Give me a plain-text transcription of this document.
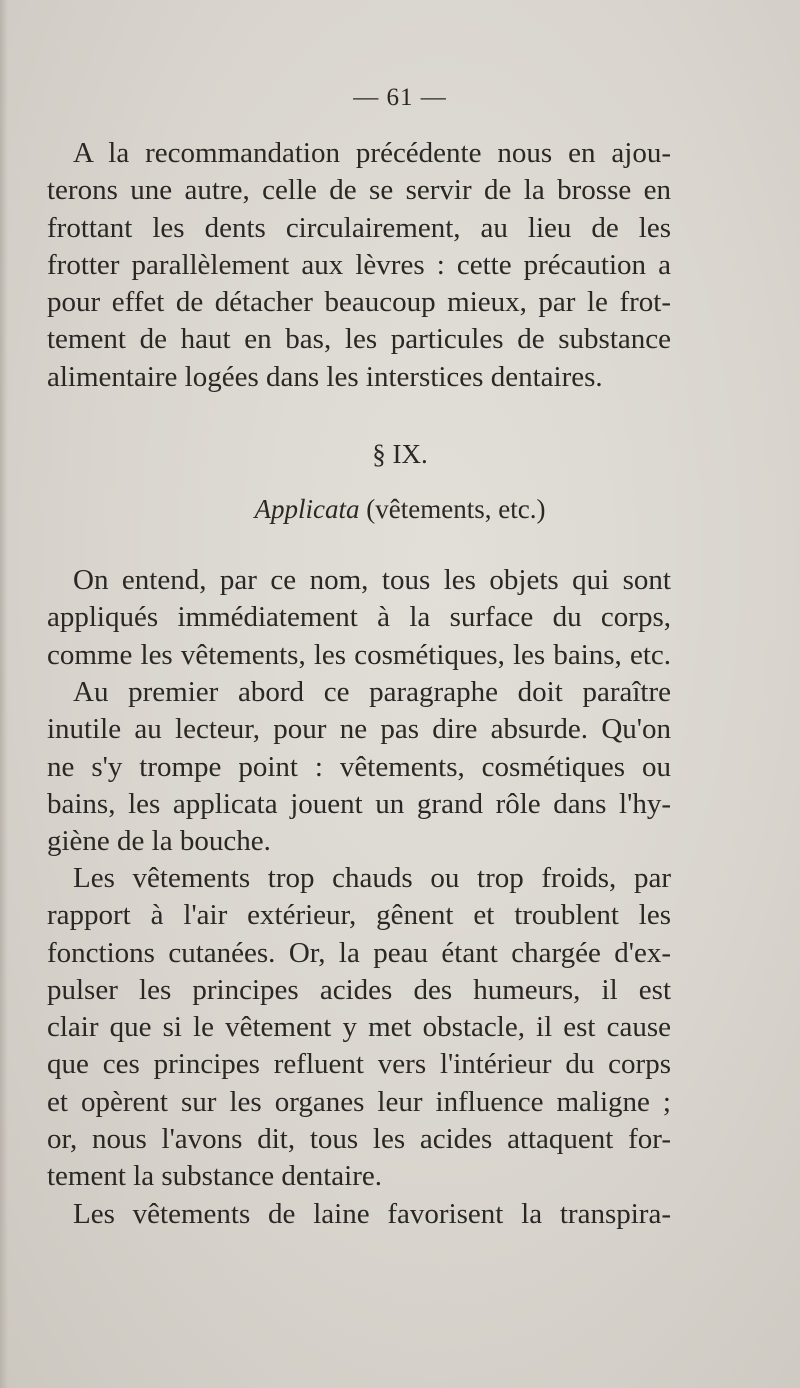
— 61 —
A la recommandation précédente nous en ajou-
terons une autre, celle de se servir de la brosse en
frottant les dents circulairement, au lieu de les
frotter parallèlement aux lèvres : cette précaution a
pour effet de détacher beaucoup mieux, par le frot-
tement de haut en bas, les particules de substance
alimentaire logées dans les interstices dentaires.
§ IX.
Applicata (vêtements, etc.)
On entend, par ce nom, tous les objets qui sont
appliqués immédiatement à la surface du corps,
comme les vêtements, les cosmétiques, les bains, etc.
Au premier abord ce paragraphe doit paraître
inutile au lecteur, pour ne pas dire absurde. Qu'on
ne s'y trompe point : vêtements, cosmétiques ou
bains, les applicata jouent un grand rôle dans l'hy-
giène de la bouche.
Les vêtements trop chauds ou trop froids, par
rapport à l'air extérieur, gênent et troublent les
fonctions cutanées. Or, la peau étant chargée d'ex-
pulser les principes acides des humeurs, il est
clair que si le vêtement y met obstacle, il est cause
que ces principes refluent vers l'intérieur du corps
et opèrent sur les organes leur influence maligne ;
or, nous l'avons dit, tous les acides attaquent for-
tement la substance dentaire.
Les vêtements de laine favorisent la transpira-
